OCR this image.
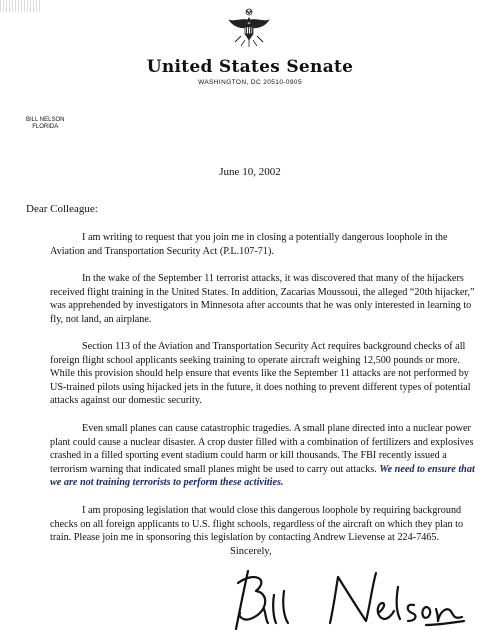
United States Senate
WASHINGTON, DC 20510-0905
BILL NELSON
FLORIDA
June 10, 2002
Dear Colleague:

I am writing to request that you join me in closing a potentially dangerous loophole in the Aviation and Transportation Security Act (P.L.107-71).

In the wake of the September 11 terrorist attacks, it was discovered that many of the hijackers received flight training in the United States. In addition, Zacarias Moussoui, the alleged “20th hijacker,” was apprehended by investigators in Minnesota after accounts that he was only interested in learning to fly, not land, an airplane.

Section 113 of the Aviation and Transportation Security Act requires background checks of all foreign flight school applicants seeking training to operate aircraft weighing 12,500 pounds or more. While this provision should help ensure that events like the September 11 attacks are not performed by US-trained pilots using hijacked jets in the future, it does nothing to prevent different types of potential attacks against our domestic security.

Even small planes can cause catastrophic tragedies. A small plane directed into a nuclear power plant could cause a nuclear disaster. A crop duster filled with a combination of fertilizers and explosives crashed in a filled sporting event stadium could harm or kill thousands. The FBI recently issued a terrorism warning that indicated small planes might be used to carry out attacks. We need to ensure that we are not training terrorists to perform these activities.

I am proposing legislation that would close this dangerous loophole by requiring background checks on all foreign applicants to U.S. flight schools, regardless of the aircraft on which they plan to train. Please join me in sponsoring this legislation by contacting Andrew Lievense at 224-7465.

Sincerely,
